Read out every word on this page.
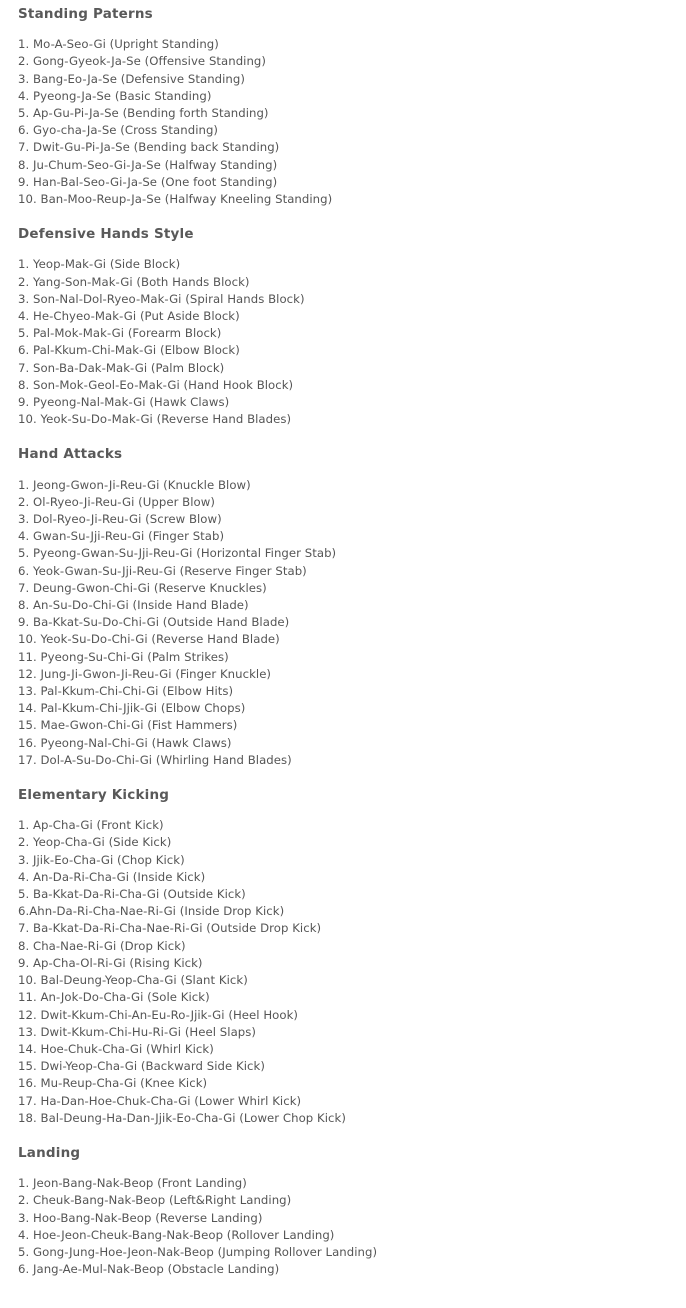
Standing Paterns
1. Mo-A-Seo-Gi (Upright Standing)
2. Gong-Gyeok-Ja-Se (Offensive Standing)
3. Bang-Eo-Ja-Se (Defensive Standing)
4. Pyeong-Ja-Se (Basic Standing)
5. Ap-Gu-Pi-Ja-Se (Bending forth Standing)
6. Gyo-cha-Ja-Se (Cross Standing)
7. Dwit-Gu-Pi-Ja-Se (Bending back Standing)
8. Ju-Chum-Seo-Gi-Ja-Se (Halfway Standing)
9. Han-Bal-Seo-Gi-Ja-Se (One foot Standing)
10. Ban-Moo-Reup-Ja-Se (Halfway Kneeling Standing)
Defensive Hands Style
1. Yeop-Mak-Gi (Side Block)
2. Yang-Son-Mak-Gi (Both Hands Block)
3. Son-Nal-Dol-Ryeo-Mak-Gi (Spiral Hands Block)
4. He-Chyeo-Mak-Gi (Put Aside Block)
5. Pal-Mok-Mak-Gi (Forearm Block)
6. Pal-Kkum-Chi-Mak-Gi (Elbow Block)
7. Son-Ba-Dak-Mak-Gi (Palm Block)
8. Son-Mok-Geol-Eo-Mak-Gi (Hand Hook Block)
9. Pyeong-Nal-Mak-Gi (Hawk Claws)
10. Yeok-Su-Do-Mak-Gi (Reverse Hand Blades)
Hand Attacks
1. Jeong-Gwon-Ji-Reu-Gi (Knuckle Blow)
2. Ol-Ryeo-Ji-Reu-Gi (Upper Blow)
3. Dol-Ryeo-Ji-Reu-Gi (Screw Blow)
4. Gwan-Su-Jji-Reu-Gi (Finger Stab)
5. Pyeong-Gwan-Su-Jji-Reu-Gi (Horizontal Finger Stab)
6. Yeok-Gwan-Su-Jji-Reu-Gi (Reserve Finger Stab)
7. Deung-Gwon-Chi-Gi (Reserve Knuckles)
8. An-Su-Do-Chi-Gi (Inside Hand Blade)
9. Ba-Kkat-Su-Do-Chi-Gi (Outside Hand Blade)
10. Yeok-Su-Do-Chi-Gi (Reverse Hand Blade)
11. Pyeong-Su-Chi-Gi (Palm Strikes)
12. Jung-Ji-Gwon-Ji-Reu-Gi (Finger Knuckle)
13. Pal-Kkum-Chi-Chi-Gi (Elbow Hits)
14. Pal-Kkum-Chi-Jjik-Gi (Elbow Chops)
15. Mae-Gwon-Chi-Gi (Fist Hammers)
16. Pyeong-Nal-Chi-Gi (Hawk Claws)
17. Dol-A-Su-Do-Chi-Gi (Whirling Hand Blades)
Elementary Kicking
1. Ap-Cha-Gi (Front Kick)
2. Yeop-Cha-Gi (Side Kick)
3. Jjik-Eo-Cha-Gi (Chop Kick)
4. An-Da-Ri-Cha-Gi (Inside Kick)
5. Ba-Kkat-Da-Ri-Cha-Gi (Outside Kick)
6.Ahn-Da-Ri-Cha-Nae-Ri-Gi (Inside Drop Kick)
7. Ba-Kkat-Da-Ri-Cha-Nae-Ri-Gi (Outside Drop Kick)
8. Cha-Nae-Ri-Gi (Drop Kick)
9. Ap-Cha-Ol-Ri-Gi (Rising Kick)
10. Bal-Deung-Yeop-Cha-Gi (Slant Kick)
11. An-Jok-Do-Cha-Gi (Sole Kick)
12. Dwit-Kkum-Chi-An-Eu-Ro-Jjik-Gi (Heel Hook)
13. Dwit-Kkum-Chi-Hu-Ri-Gi (Heel Slaps)
14. Hoe-Chuk-Cha-Gi (Whirl Kick)
15. Dwi-Yeop-Cha-Gi (Backward Side Kick)
16. Mu-Reup-Cha-Gi (Knee Kick)
17. Ha-Dan-Hoe-Chuk-Cha-Gi (Lower Whirl Kick)
18. Bal-Deung-Ha-Dan-Jjik-Eo-Cha-Gi (Lower Chop Kick)
Landing
1. Jeon-Bang-Nak-Beop (Front Landing)
2. Cheuk-Bang-Nak-Beop (Left&Right Landing)
3. Hoo-Bang-Nak-Beop (Reverse Landing)
4. Hoe-Jeon-Cheuk-Bang-Nak-Beop (Rollover Landing)
5. Gong-Jung-Hoe-Jeon-Nak-Beop (Jumping Rollover Landing)
6. Jang-Ae-Mul-Nak-Beop (Obstacle Landing)
